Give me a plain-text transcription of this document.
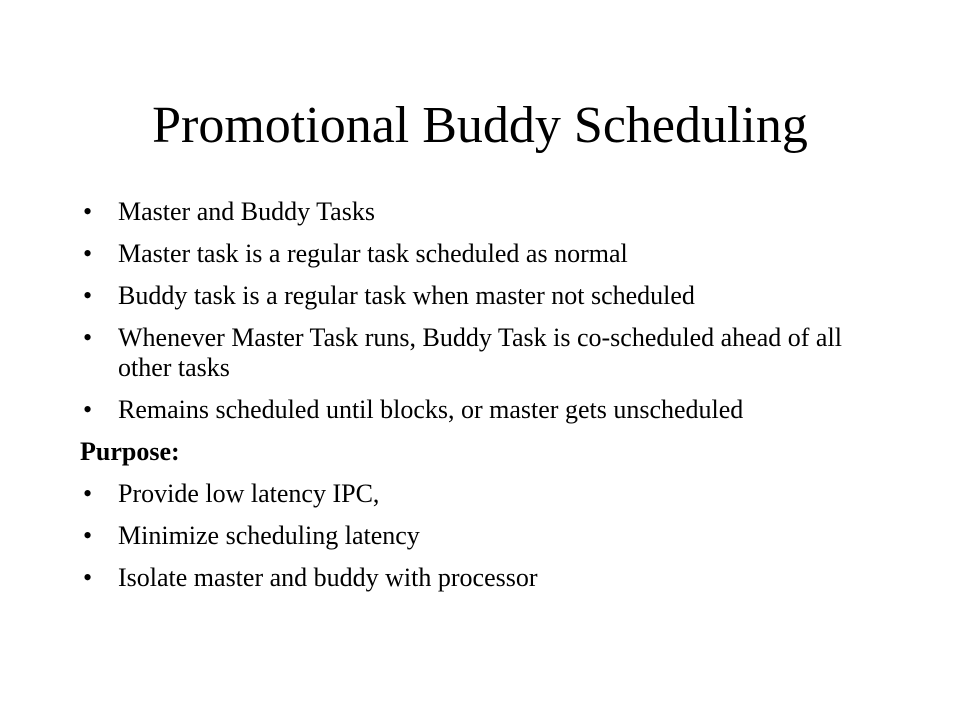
Promotional Buddy Scheduling
• Master and Buddy Tasks
• Master task is a regular task scheduled as normal
• Buddy task is a regular task when master not scheduled
• Whenever Master Task runs, Buddy Task is co-scheduled ahead of all other tasks
• Remains scheduled until blocks, or master gets unscheduled
Purpose:
• Provide low latency IPC,
• Minimize scheduling latency
• Isolate master and buddy with processor
